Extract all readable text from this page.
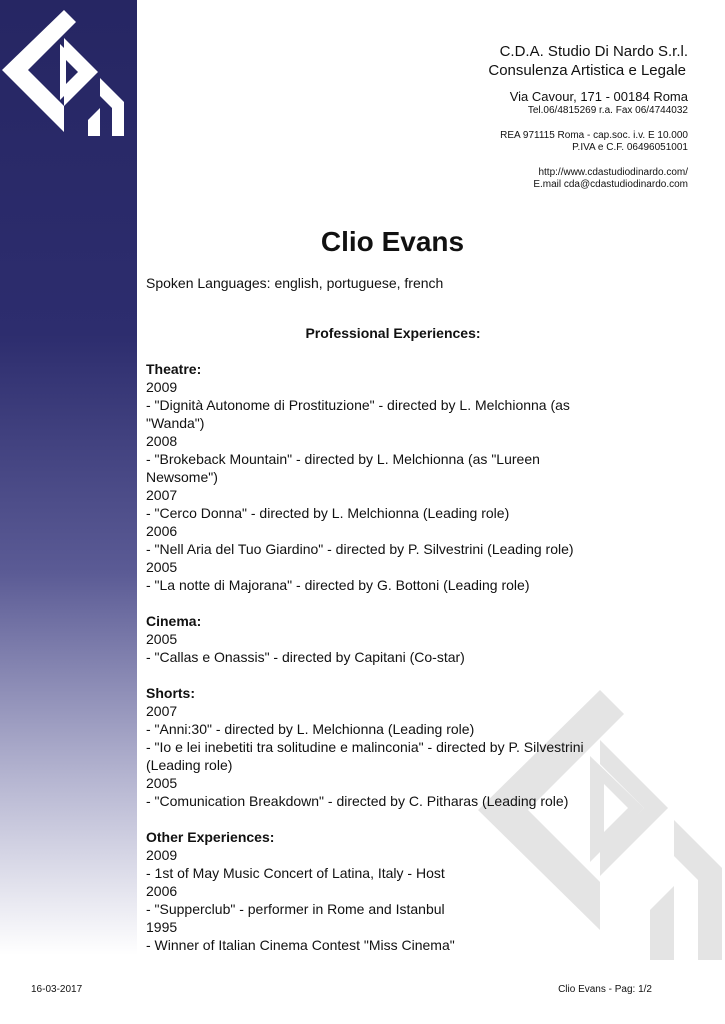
C.D.A. Studio Di Nardo S.r.l.
Consulenza Artistica e Legale
Via Cavour, 171 - 00184 Roma
Tel.06/4815269 r.a. Fax 06/4744032
REA 971115 Roma - cap.soc. i.v. E 10.000
P.IVA e C.F. 06496051001
http://www.cdastudiodinardo.com/
E.mail cda@cdastudiodinardo.com
Clio Evans

Spoken Languages: english, portuguese, french

Professional Experiences:

Theatre:

2009

- "Dignità Autonome di Prostituzione" - directed by L. Melchionna (as

"Wanda")

2008

- "Brokeback Mountain" - directed by L. Melchionna (as "Lureen

Newsome")

2007

- "Cerco Donna" - directed by L. Melchionna (Leading role)

2006

- "Nell Aria del Tuo Giardino" - directed by P. Silvestrini (Leading role)

2005

- "La notte di Majorana" - directed by G. Bottoni (Leading role)

Cinema:

2005

- "Callas e Onassis" - directed by Capitani (Co-star)

Shorts:

2007

- "Anni:30" - directed by L. Melchionna (Leading role)

- "Io e lei inebetiti tra solitudine e malinconia" - directed by P. Silvestrini

(Leading role)

2005

- "Comunication Breakdown" - directed by C. Pitharas (Leading role)

Other Experiences:

2009

- 1st of May Music Concert of Latina, Italy - Host

2006

- "Supperclub" - performer in Rome and Istanbul

1995

- Winner of Italian Cinema Contest "Miss Cinema"

16-03-2017	Clio Evans - Pag: 1/2
